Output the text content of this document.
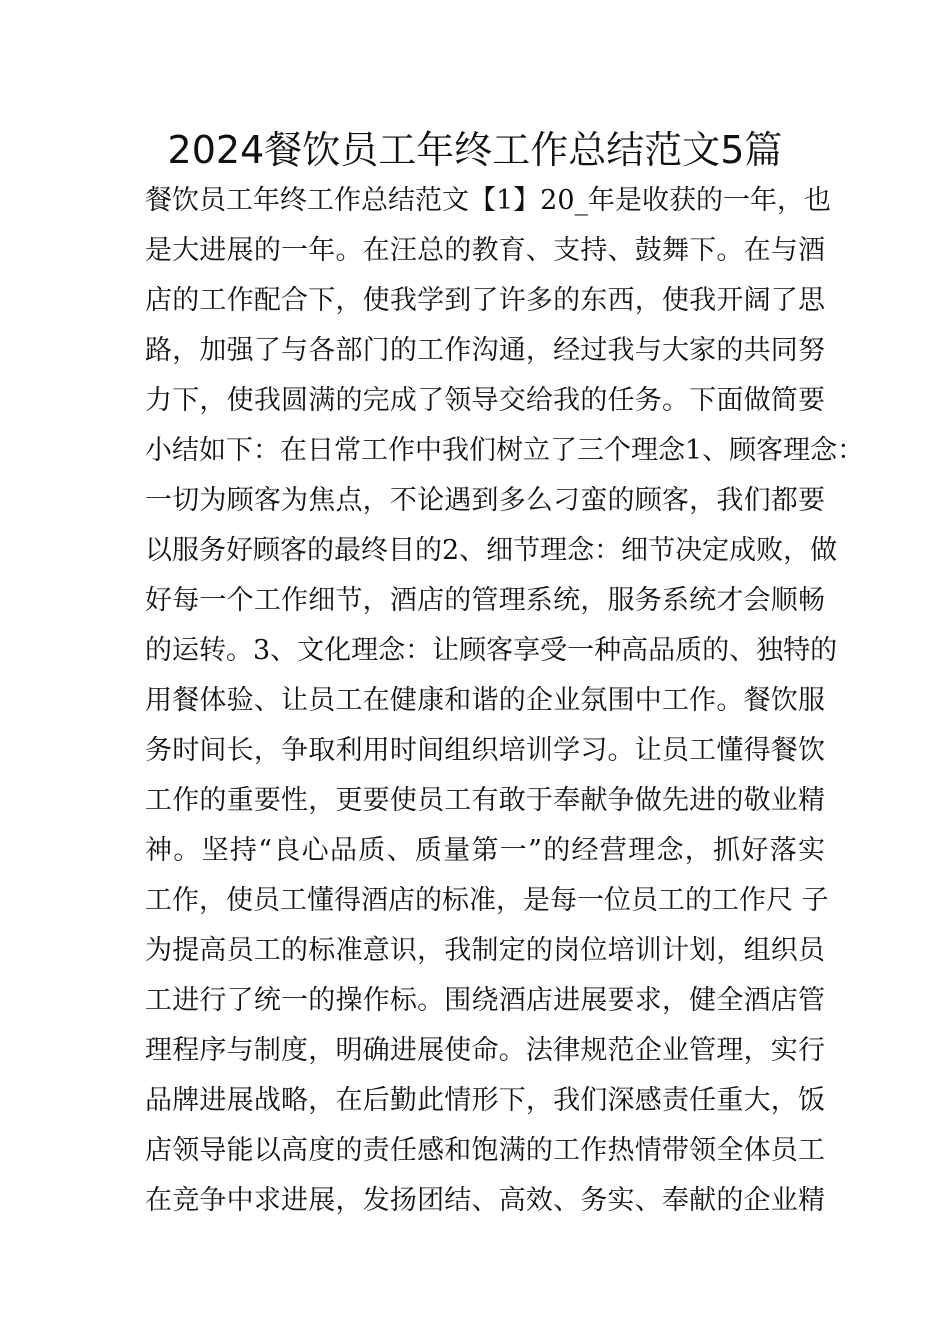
2024餐饮员工年终工作总结范文5篇
餐饮员工年终工作总结范文【1】20_年是收获的一年，也
是大进展的一年。在汪总的教育、支持、鼓舞下。在与酒
店的工作配合下，使我学到了许多的东西，使我开阔了思
路，加强了与各部门的工作沟通，经过我与大家的共同努
力下，使我圆满的完成了领导交给我的任务。下面做简要
小结如下：在日常工作中我们树立了三个理念1、顾客理念：
一切为顾客为焦点，不论遇到多么刁蛮的顾客，我们都要
以服务好顾客的最终目的2、细节理念：细节决定成败，做
好每一个工作细节，酒店的管理系统，服务系统才会顺畅
的运转。3、文化理念：让顾客享受一种高品质的、独特的
用餐体验、让员工在健康和谐的企业氛围中工作。餐饮服
务时间长，争取利用时间组织培训学习。让员工懂得餐饮
工作的重要性，更要使员工有敢于奉献争做先进的敬业精
神。坚持“良心品质、质量第一”的经营理念，抓好落实
工作，使员工懂得酒店的标准，是每一位员工的工作尺 子
为提高员工的标准意识，我制定的岗位培训计划，组织员
工进行了统一的操作标。围绕酒店进展要求，健全酒店管
理程序与制度，明确进展使命。法律规范企业管理，实行
品牌进展战略，在后勤此情形下，我们深感责任重大，饭
店领导能以高度的责任感和饱满的工作热情带领全体员工
在竞争中求进展，发扬团结、高效、务实、奉献的企业精
